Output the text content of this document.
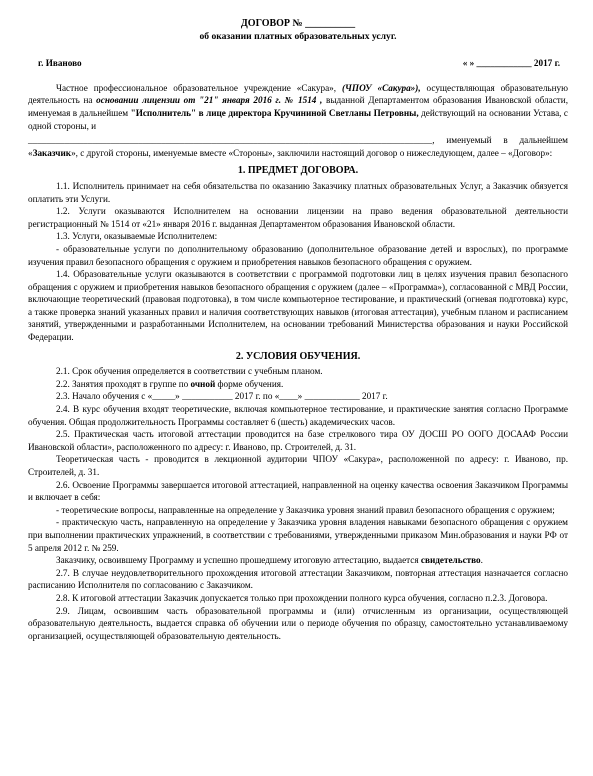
ДОГОВОР № __________
об оказании платных образовательных услуг.
г. Иваново	« » ____________ 2017 г.

Частное профессиональное образовательное учреждение «Сакура», (ЧПОУ «Сакура»), осуществляющая образовательную деятельность на основании лицензии от "21" января 2016 г. № 1514 , выданной Департаментом образования Ивановской области, именуемая в дальнейшем "Исполнитель" в лице директора Кручининой Светланы Петровны, действующий на основании Устава, с одной стороны, и

________________________________________________________________________________________, именуемый в дальнейшем «Заказчик», с другой стороны, именуемые вместе «Стороны», заключили настоящий договор о нижеследующем, далее – «Договор»:

1. ПРЕДМЕТ ДОГОВОРА.

1.1. Исполнитель принимает на себя обязательства по оказанию Заказчику платных образовательных Услуг, а Заказчик обязуется оплатить эти Услуги.

1.2. Услуги оказываются Исполнителем на основании лицензии на право ведения образовательной деятельности регистрационный № 1514 от «21» января 2016 г. выданная Департаментом образования Ивановской области.

1.3. Услуги, оказываемые Исполнителем:

- образовательные услуги по дополнительному образованию (дополнительное образование детей и взрослых), по программе изучения правил безопасного обращения с оружием и приобретения навыков безопасного обращения с оружием.

1.4. Образовательные услуги оказываются в соответствии с программой подготовки лиц в целях изучения правил безопасного обращения с оружием и приобретения навыков безопасного обращения с оружием (далее – «Программа»), согласованной с МВД России, включающие теоретический (правовая подготовка), в том числе компьютерное тестирование, и практический (огневая подготовка) курс, а также проверка знаний указанных правил и наличия соответствующих навыков (итоговая аттестация), учебным планом и расписанием занятий, утвержденными и разработанными Исполнителем, на основании требований Министерства образования и науки Российской Федерации.

2. УСЛОВИЯ ОБУЧЕНИЯ.

2.1. Срок обучения определяется в соответствии с учебным планом.

2.2. Занятия проходят в группе по очной форме обучения.

2.3. Начало обучения с «_____» ___________ 2017 г. по «____» ____________ 2017 г.

2.4. В курс обучения входят теоретические, включая компьютерное тестирование, и практические занятия согласно Программе обучения. Общая продолжительность Программы составляет 6 (шесть) академических часов.

2.5. Практическая часть итоговой аттестации проводится на базе стрелкового тира ОУ ДОСШ РО ООГО ДОСААФ России Ивановской области», расположенного по адресу: г. Иваново, пр. Строителей, д. 31.

Теоретическая часть - проводится в лекционной аудитории ЧПОУ «Сакура», расположенной по адресу: г. Иваново, пр. Строителей, д. 31.

2.6. Освоение Программы завершается итоговой аттестацией, направленной на оценку качества освоения Заказчиком Программы и включает в себя:

- теоретические вопросы, направленные на определение у Заказчика уровня знаний правил безопасного обращения с оружием;

- практическую часть, направленную на определение у Заказчика уровня владения навыками безопасного обращения с оружием при выполнении практических упражнений, в соответствии с требованиями, утвержденными приказом Мин.образования и науки РФ от 5 апреля 2012 г. № 259.

Заказчику, освоившему Программу и успешно прошедшему итоговую аттестацию, выдается свидетельство.

2.7. В случае неудовлетворительного прохождения итоговой аттестации Заказчиком, повторная аттестация назначается согласно расписанию Исполнителя по согласованию с Заказчиком.

2.8. К итоговой аттестации Заказчик допускается только при прохождении полного курса обучения, согласно п.2.3. Договора.

2.9. Лицам, освоившим часть образовательной программы и (или) отчисленным из организации, осуществляющей образовательную деятельность, выдается справка об обучении или о периоде обучения по образцу, самостоятельно устанавливаемому организацией, осуществляющей образовательную деятельность.
